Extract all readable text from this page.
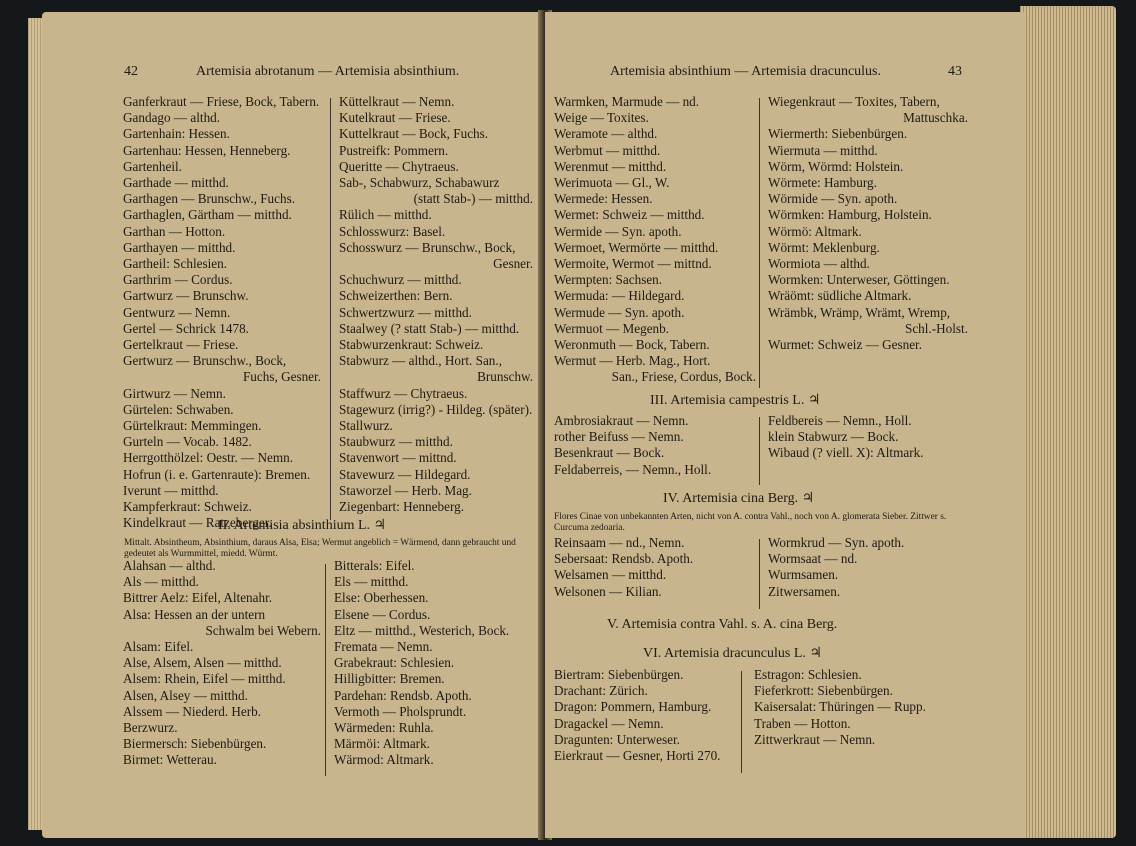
42	Artemisia abrotanum — Artemisia absinthium.
Ganferkraut — Friese, Bock, Tabern.
Gandago — althd.
Gartenhain: Hessen.
Gartenhau: Hessen, Henneberg.
Gartenheil.
Garthade — mitthd.
Garthagen — Brunschw., Fuchs.
Garthaglen, Gärtham — mitthd.
Garthan — Hotton.
Garthayen — mitthd.
Gartheil: Schlesien.
Garthrim — Cordus.
Gartwurz — Brunschw.
Gentwurz — Nemn.
Gertel — Schrick 1478.
Gertelkraut — Friese.
Gertwurz — Brunschw., Bock,
Fuchs, Gesner.
Girtwurz — Nemn.
Gürtelen: Schwaben.
Gürtelkraut: Memmingen.
Gurteln — Vocab. 1482.
Herrgotthölzel: Oestr. — Nemn.
Hofrun (i. e. Gartenraute): Bremen.
Iverunt — mitthd.
Kampferkraut: Schweiz.
Kindelkraut — Ratzeberger.
Küttelkraut — Nemn.
Kutelkraut — Friese.
Kuttelkraut — Bock, Fuchs.
Pustreifk: Pommern.
Queritte — Chytraeus.
Sab-, Schabwurz, Schabawurz
(statt Stab-) — mitthd.
Rülich — mitthd.
Schlosswurz: Basel.
Schosswurz — Brunschw., Bock,
Gesner.
Schuchwurz — mitthd.
Schweizerthen: Bern.
Schwertzwurz — mitthd.
Staalwey (? statt Stab-) — mitthd.
Stabwurzenkraut: Schweiz.
Stabwurz — althd., Hort. San.,
Brunschw.
Staffwurz — Chytraeus.
Stagewurz (irrig?) - Hildeg. (später).
Stallwurz.
Staubwurz — mitthd.
Stavenwort — mittnd.
Stavewurz — Hildegard.
Staworzel — Herb. Mag.
Ziegenbart: Henneberg.
II. Artemisia absinthium L. ♃
Mittalt. Absintheum, Absinthium, daraus Alsa, Elsa; Wermut angeblich = Wärmend, dann gebraucht und gedeutet als Wurmmittel, miedd. Würmt.
Alahsan — althd.
Als — mitthd.
Bittrer Aelz: Eifel, Altenahr.
Alsa: Hessen an der untern
Schwalm bei Webern.
Alsam: Eifel.
Alse, Alsem, Alsen — mitthd.
Alsem: Rhein, Eifel — mitthd.
Alsen, Alsey — mitthd.
Alssem — Niederd. Herb.
Berzwurz.
Biermersch: Siebenbürgen.
Birmet: Wetterau.
Bitterals: Eifel.
Els — mitthd.
Else: Oberhessen.
Elsene — Cordus.
Eltz — mitthd., Westerich, Bock.
Fremata — Nemn.
Grabekraut: Schlesien.
Hilligbitter: Bremen.
Pardehan: Rendsb. Apoth.
Vermoth — Pholsprundt.
Wärmeden: Ruhla.
Märmöi: Altmark.
Wärmod: Altmark.
Artemisia absinthium — Artemisia dracunculus.	43
Warmken, Marmude — nd.
Weige — Toxites.
Weramote — althd.
Werbmut — mitthd.
Werenmut — mitthd.
Werimuota — Gl., W.
Wermede: Hessen.
Wermet: Schweiz — mitthd.
Wermide — Syn. apoth.
Wermoet, Wermörte — mitthd.
Wermoite, Wermot — mittnd.
Wermpten: Sachsen.
Wermuda: — Hildegard.
Wermude — Syn. apoth.
Wermuot — Megenb.
Weronmuth — Bock, Tabern.
Wermut — Herb. Mag., Hort.
San., Friese, Cordus, Bock.
Wiegenkraut — Toxites, Tabern,
Mattuschka.
Wiermerth: Siebenbürgen.
Wiermuta — mitthd.
Wörm, Wörmd: Holstein.
Wörmete: Hamburg.
Wörmide — Syn. apoth.
Wörmken: Hamburg, Holstein.
Wörmö: Altmark.
Wörmt: Meklenburg.
Wormiota — althd.
Wormken: Unterweser, Göttingen.
Wräömt: südliche Altmark.
Wrämbk, Wrämp, Wrämt, Wremp,
Schl.-Holst.
Wurmet: Schweiz — Gesner.
III. Artemisia campestris L. ♃
Ambrosiakraut — Nemn.
rother Beifuss — Nemn.
Besenkraut — Bock.
Feldaberreis, — Nemn., Holl.
Feldbereis — Nemn., Holl.
klein Stabwurz — Bock.
Wibaud (? viell. X): Altmark.
IV. Artemisia cina Berg. ♃
Flores Cinae von unbekannten Arten, nicht von A. contra Vahl., noch von A. glomerata Sieber. Zittwer s. Curcuma zedoaria.
Reinsaam — nd., Nemn.
Sebersaat: Rendsb. Apoth.
Welsamen — mitthd.
Welsonen — Kilian.
Wormkrud — Syn. apoth.
Wormsaat — nd.
Wurmsamen.
Zitwersamen.
V. Artemisia contra Vahl. s. A. cina Berg.
VI. Artemisia dracunculus L. ♃
Biertram: Siebenbürgen.
Drachant: Zürich.
Dragon: Pommern, Hamburg.
Dragackel — Nemn.
Dragunten: Unterweser.
Eierkraut — Gesner, Horti 270.
Estragon: Schlesien.
Fieferkrott: Siebenbürgen.
Kaisersalat: Thüringen — Rupp.
Traben — Hotton.
Zittwerkraut — Nemn.
